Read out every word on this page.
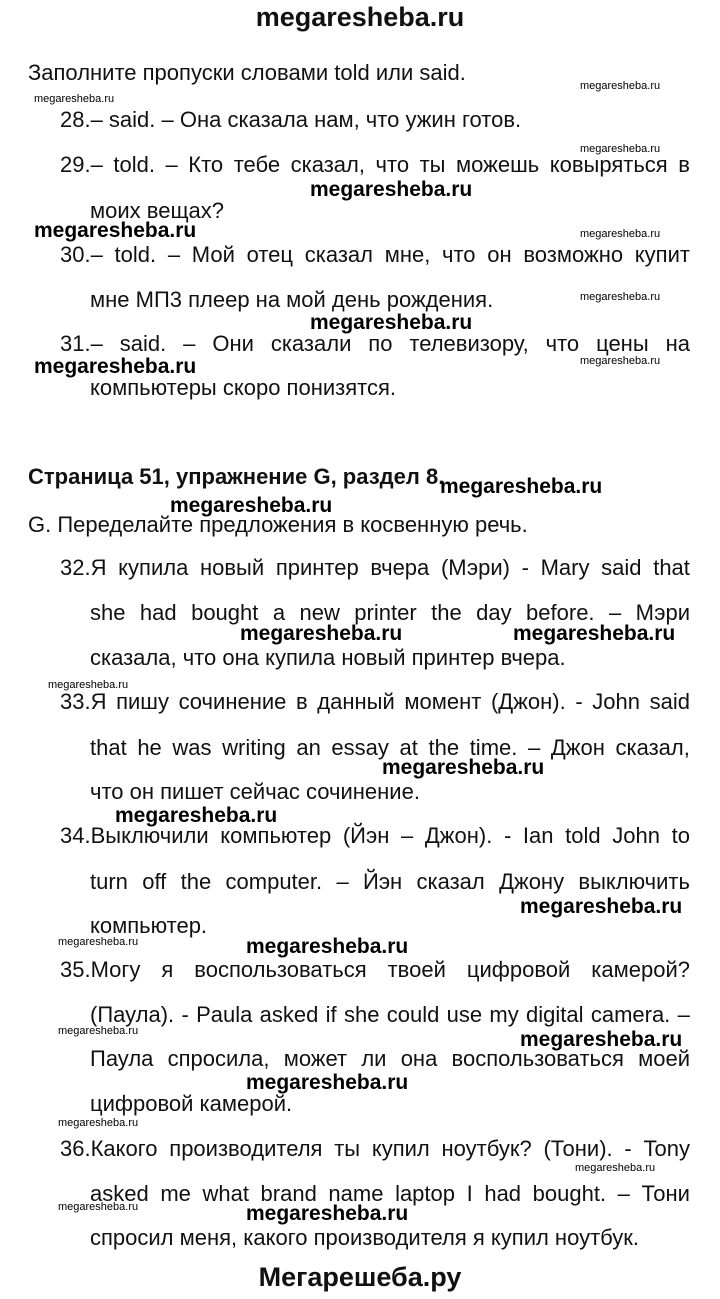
megaresheba.ru
Заполните пропуски словами told или said.
28.– said. – Она сказала нам, что ужин готов.
29.– told. – Кто тебе сказал, что ты можешь ковыряться в
моих вещах?
30.– told. – Мой отец сказал мне, что он возможно купит
мне МП3 плеер на мой день рождения.
31.– said. – Они сказали по телевизору, что цены на
компьютеры скоро понизятся.
Страница 51, упражнение G, раздел 8.
G. Переделайте предложения в косвенную речь.
32.Я купила новый принтер вчера (Мэри) - Mary said that
she had bought a new printer the day before. – Мэри
сказала, что она купила новый принтер вчера.
33.Я пишу сочинение в данный момент (Джон). - John said
that he was writing an essay at the time. – Джон сказал,
что он пишет сейчас сочинение.
34.Выключили компьютер (Йэн – Джон). - Ian told John to
turn off the computer. – Йэн сказал Джону выключить
компьютер.
35.Могу я воспользоваться твоей цифровой камерой?
(Паула). - Paula asked if she could use my digital camera. –
Паула спросила, может ли она воспользоваться моей
цифровой камерой.
36.Какого производителя ты купил ноутбук? (Тони). - Tony
asked me what brand name laptop I had bought. – Тони
спросил меня, какого производителя я купил ноутбук.
megaresheba.ru
megaresheba.ru
megaresheba.ru
megaresheba.ru
megaresheba.ru
megaresheba.ru
megaresheba.ru	megaresheba.ru
megaresheba.ru
megaresheba.ru
megaresheba.ru
megaresheba.ru
megaresheba.ru
megaresheba.ru
megaresheba.ru
megaresheba.ru
megaresheba.ru
megaresheba.ru
megaresheba.ru
megaresheba.ru
megaresheba.ru
megaresheba.ru
megaresheba.ru
megaresheba.ru
megaresheba.ru
megaresheba.ru
megaresheba.ru
Мегарешеба.ру
